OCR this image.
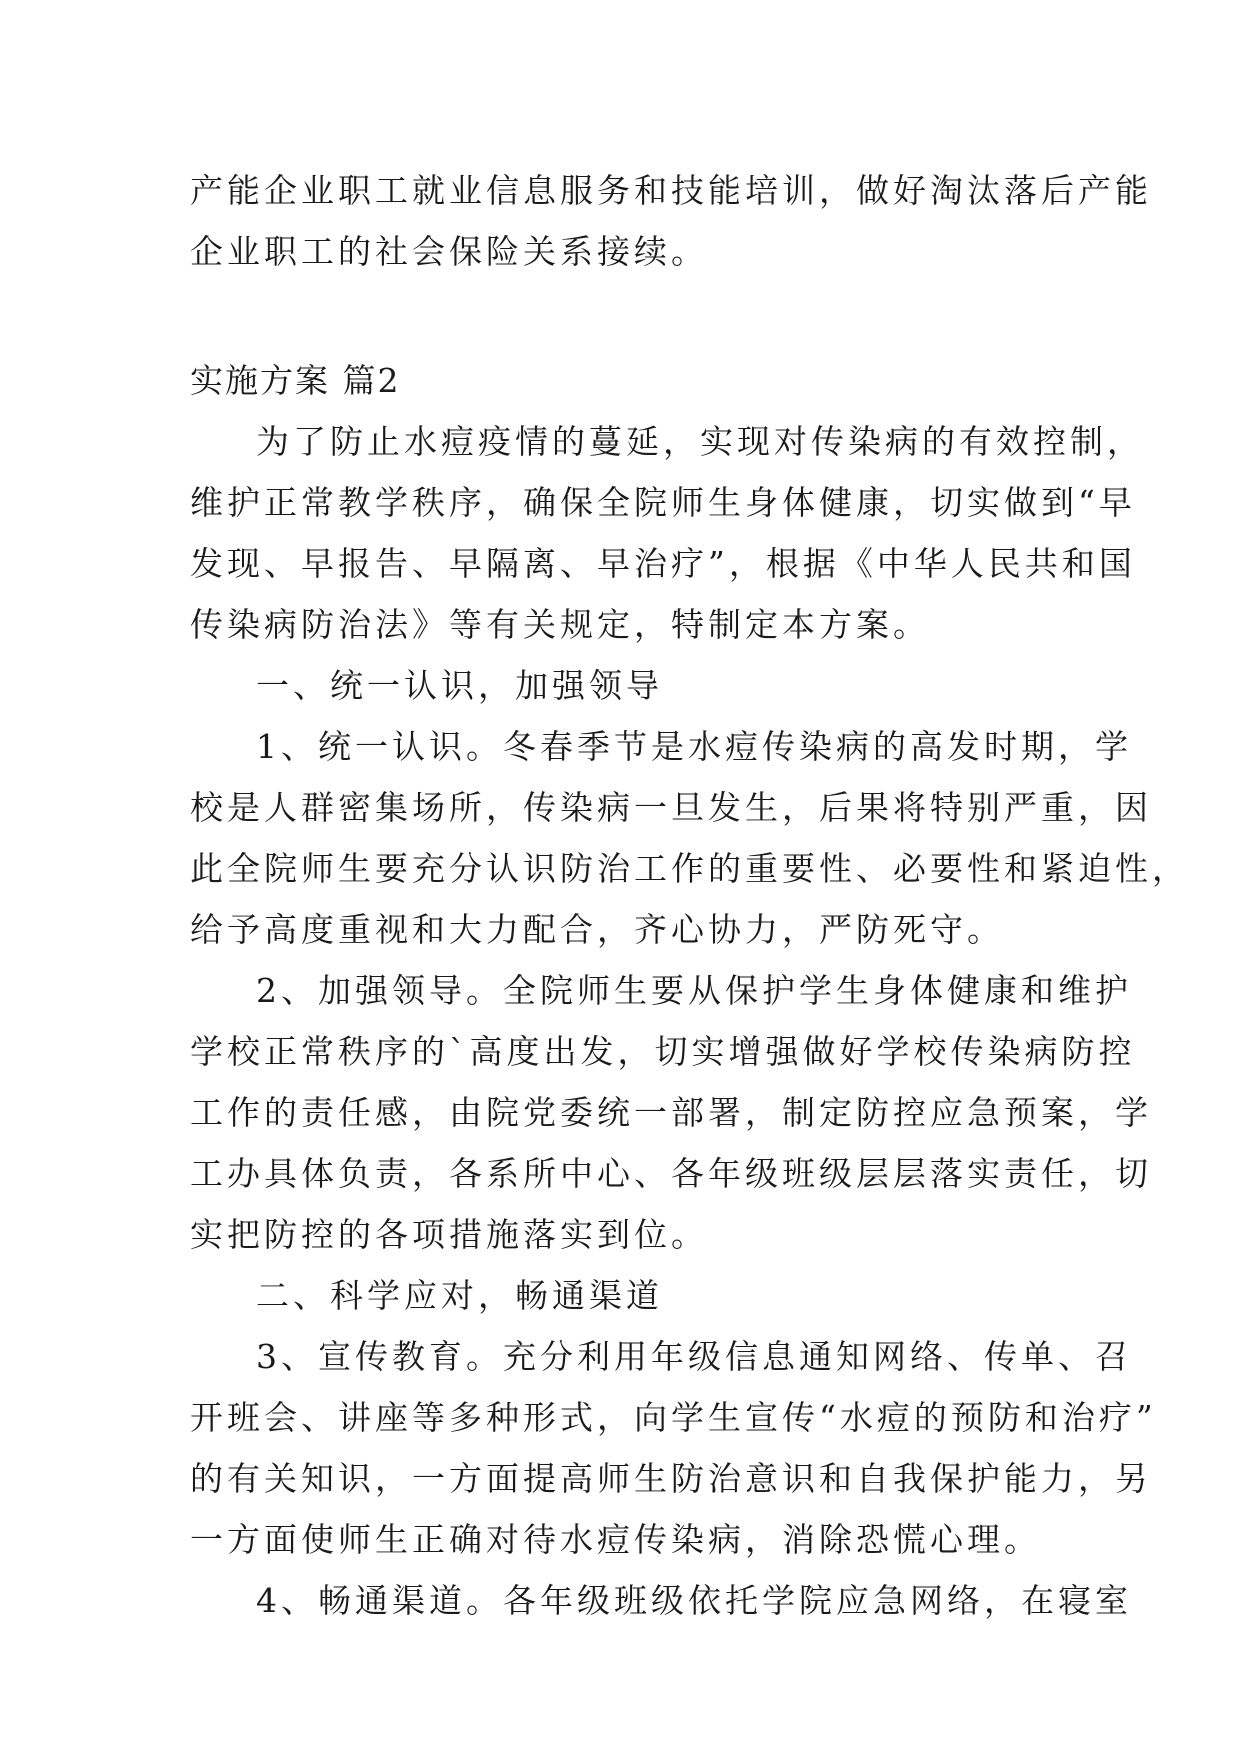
产能企业职工就业信息服务和技能培训，做好淘汰落后产能
企业职工的社会保险关系接续。
实施方案 篇2
为了防止水痘疫情的蔓延，实现对传染病的有效控制，
维护正常教学秩序，确保全院师生身体健康，切实做到“早
发现、早报告、早隔离、早治疗”，根据《中华人民共和国
传染病防治法》等有关规定，特制定本方案。
一、统一认识，加强领导
1、统一认识。冬春季节是水痘传染病的高发时期，学
校是人群密集场所，传染病一旦发生，后果将特别严重，因
此全院师生要充分认识防治工作的重要性、必要性和紧迫性，
给予高度重视和大力配合，齐心协力，严防死守。
2、加强领导。全院师生要从保护学生身体健康和维护
学校正常秩序的`高度出发，切实增强做好学校传染病防控
工作的责任感，由院党委统一部署，制定防控应急预案，学
工办具体负责，各系所中心、各年级班级层层落实责任，切
实把防控的各项措施落实到位。
二、科学应对，畅通渠道
3、宣传教育。充分利用年级信息通知网络、传单、召
开班会、讲座等多种形式，向学生宣传“水痘的预防和治疗”
的有关知识，一方面提高师生防治意识和自我保护能力，另
一方面使师生正确对待水痘传染病，消除恐慌心理。
4、畅通渠道。各年级班级依托学院应急网络，在寝室
